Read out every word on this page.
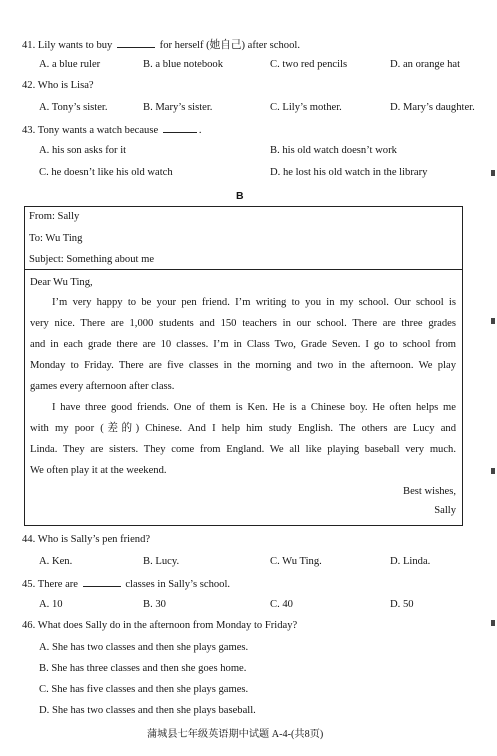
41. Lily wants to buy	for herself (她自己) after school.
A. a blue ruler	B. a blue notebook	C. two red pencils	D. an orange hat
42. Who is Lisa?
A. Tony’s sister.	B. Mary’s sister.	C. Lily’s mother.	D. Mary’s daughter.
43. Tony wants a watch because	.
A. his son asks for it	B. his old watch doesn’t work
C. he doesn’t like his old watch	D. he lost his old watch in the library
B
From: Sally
To: Wu Ting
Subject: Something about me
Dear Wu Ting,
I’m very happy to be your pen friend. I’m writing to you in my school. Our school is
very nice. There are 1,000 students and 150 teachers in our school. There are three grades
and in each grade there are 10 classes. I’m in Class Two, Grade Seven. I go to school from
Monday to Friday. There are five classes in the morning and two in the afternoon. We play
games every afternoon after class.
I have three good friends. One of them is Ken. He is a Chinese boy. He often helps me
with my poor (差的) Chinese. And I help him study English. The others are Lucy and
Linda. They are sisters. They come from England. We all like playing baseball very much.
We often play it at the weekend.
Best wishes,
Sally
44. Who is Sally’s pen friend?
A. Ken.	B. Lucy.	C. Wu Ting.	D. Linda.
45. There are	classes in Sally’s school.
A. 10	B. 30	C. 40	D. 50
46. What does Sally do in the afternoon from Monday to Friday?
A. She has two classes and then she plays games.
B. She has three classes and then she goes home.
C. She has five classes and then she plays games.
D. She has two classes and then she plays baseball.
蒲城县七年级英语期中试题 A-4-(共8页)
